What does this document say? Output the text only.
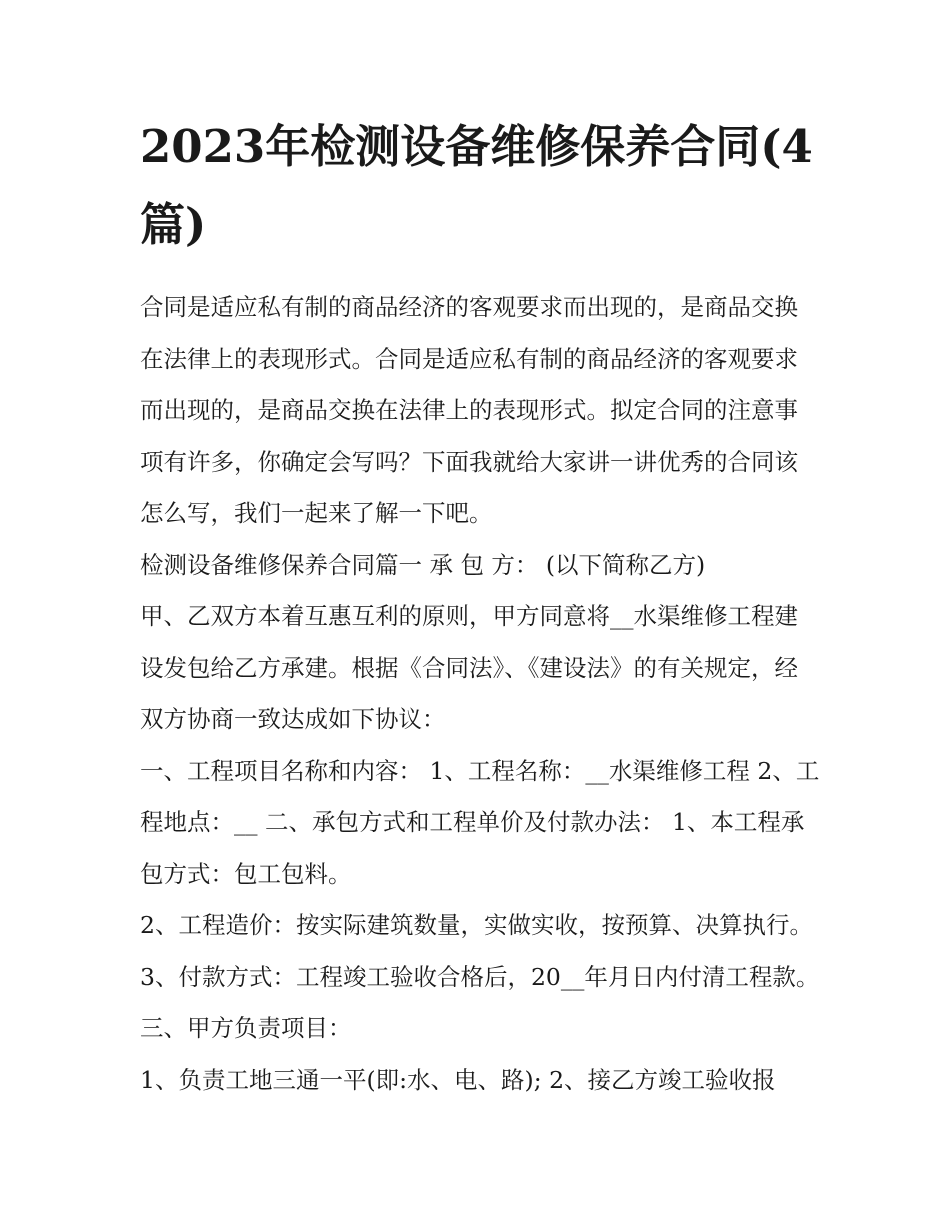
2023年检测设备维修保养合同(4篇)

合同是适应私有制的商品经济的客观要求而出现的，是商品交换在法律上的表现形式。合同是适应私有制的商品经济的客观要求而出现的，是商品交换在法律上的表现形式。拟定合同的注意事项有许多，你确定会写吗？下面我就给大家讲一讲优秀的合同该怎么写，我们一起来了解一下吧。

检测设备维修保养合同篇一 承 包 方： (以下简称乙方)

甲、乙双方本着互惠互利的原则，甲方同意将__水渠维修工程建设发包给乙方承建。根据《合同法》、《建设法》的有关规定，经双方协商一致达成如下协议：

一、工程项目名称和内容： 1、工程名称：__水渠维修工程 2、工程地点：__ 二、承包方式和工程单价及付款办法： 1、本工程承包方式：包工包料。

2、工程造价：按实际建筑数量，实做实收，按预算、决算执行。 3、付款方式：工程竣工验收合格后，20__年月日内付清工程款。 三、甲方负责项目：

1、负责工地三通一平(即:水、电、路); 2、接乙方竣工验收报
